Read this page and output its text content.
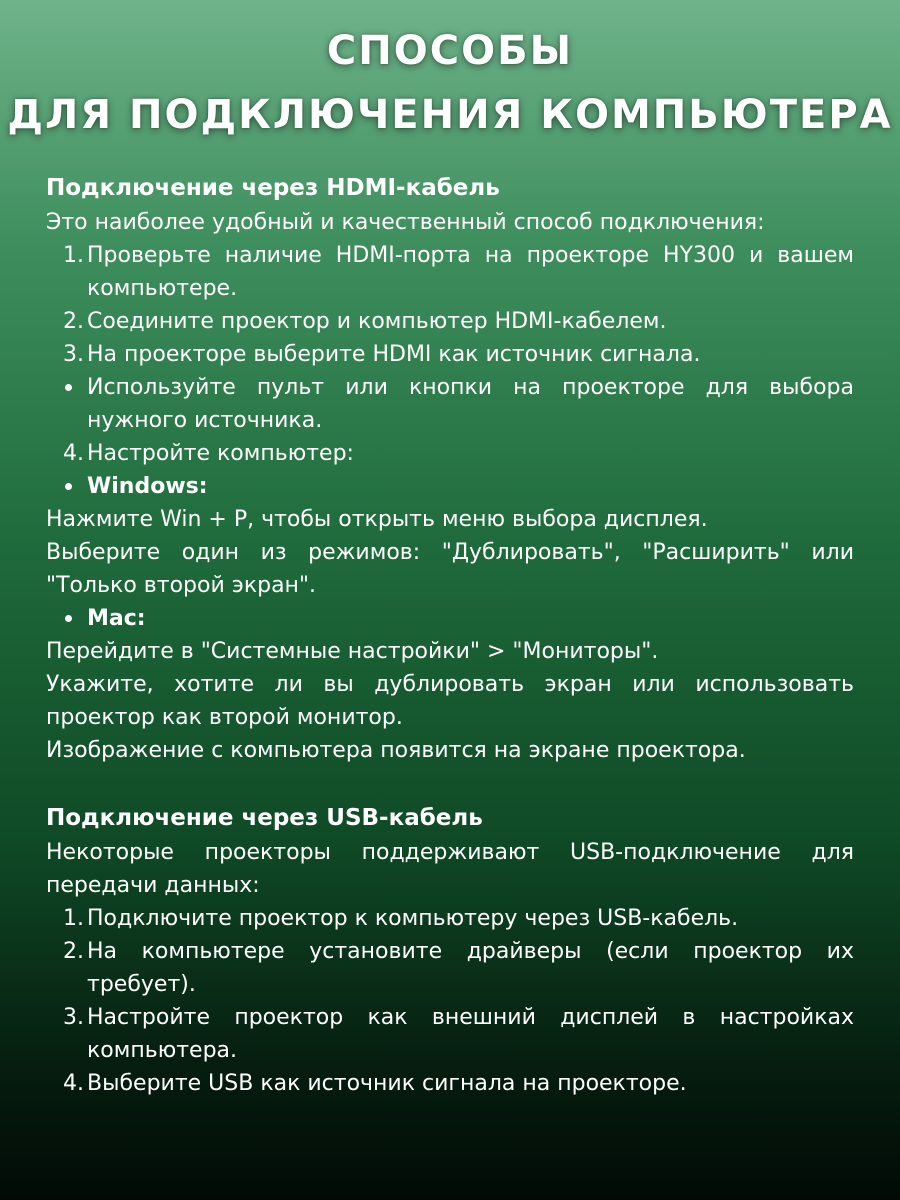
СПОСОБЫ
ДЛЯ ПОДКЛЮЧЕНИЯ КОМПЬЮТЕРА

Подключение через HDMI-кабель

Это наиболее удобный и качественный способ подключения:

1. Проверьте наличие HDMI-порта на проекторе HY300 и вашем компьютере.
2. Соедините проектор и компьютер HDMI-кабелем.
3. На проекторе выберите HDMI как источник сигнала.
Используйте пульт или кнопки на проекторе для выбора нужного источника.
4. Настройте компьютер:
Windows:

Нажмите Win + P, чтобы открыть меню выбора дисплея.

Выберите один из режимов: "Дублировать", "Расширить" или "Только второй экран".

Mac:

Перейдите в "Системные настройки" > "Мониторы".

Укажите, хотите ли вы дублировать экран или использовать проектор как второй монитор.

Изображение с компьютера появится на экране проектора.

Подключение через USB-кабель

Некоторые проекторы поддерживают USB-подключение для передачи данных:

1. Подключите проектор к компьютеру через USB-кабель.
2. На компьютере установите драйверы (если проектор их требует).
3. Настройте проектор как внешний дисплей в настройках компьютера.
4. Выберите USB как источник сигнала на проекторе.
